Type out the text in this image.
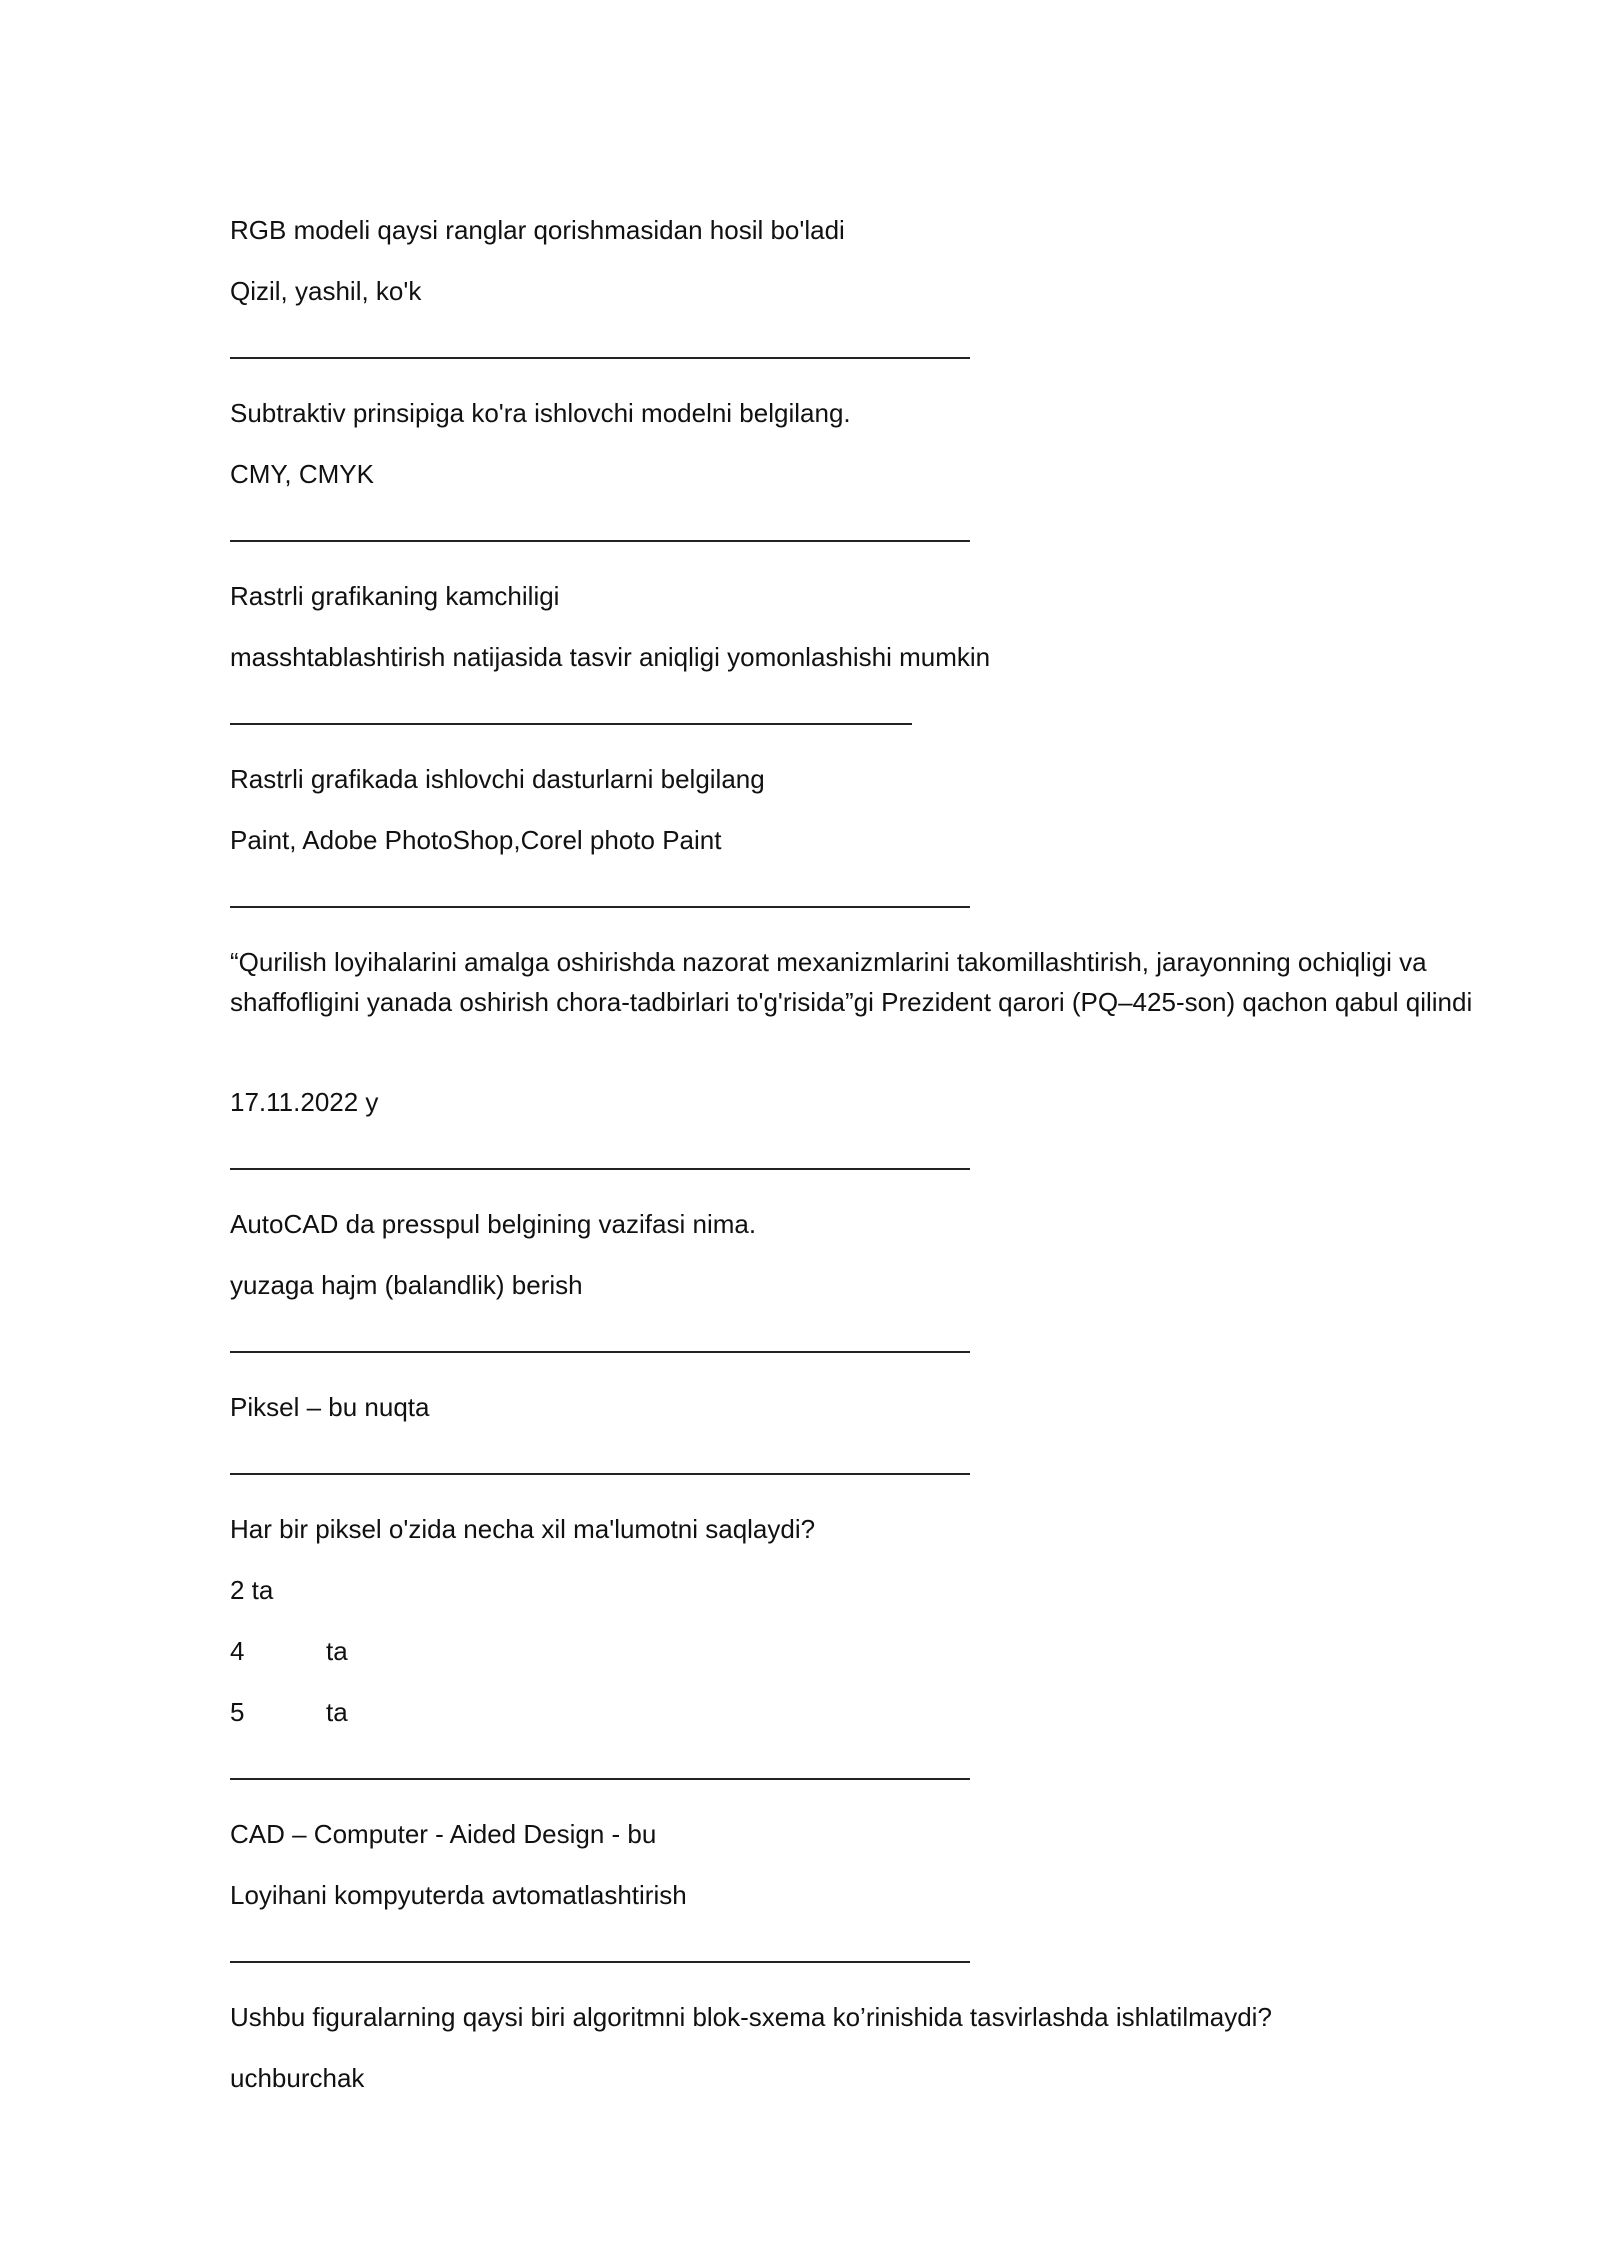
RGB modeli qaysi ranglar qorishmasidan hosil bo'ladi

Qizil, yashil, ko'k

Subtraktiv prinsipiga ko'ra ishlovchi modelni belgilang.

CMY, CMYK

Rastrli grafikaning kamchiligi

masshtablashtirish natijasida tasvir aniqligi yomonlashishi mumkin

Rastrli grafikada ishlovchi dasturlarni belgilang

Paint, Adobe PhotoShop,Corel photo Paint

“Qurilish loyihalarini amalga oshirishda nazorat mexanizmlarini takomillashtirish, jarayonning ochiqligi va shaffofligini yanada oshirish chora-tadbirlari to'g'risida”gi Prezident qarori (PQ–425-son) qachon qabul qilindi

17.11.2022 y

AutoCAD da presspul belgining vazifasi nima.

yuzaga hajm (balandlik) berish

Piksel – bu nuqta

Har bir piksel o'zida necha xil ma'lumotni saqlaydi?

2 ta

4	ta

5	ta

CAD – Computer - Aided Design - bu

Loyihani kompyuterda avtomatlashtirish

Ushbu figuralarning qaysi biri algoritmni blok-sxema ko’rinishida tasvirlashda ishlatilmaydi?

uchburchak
